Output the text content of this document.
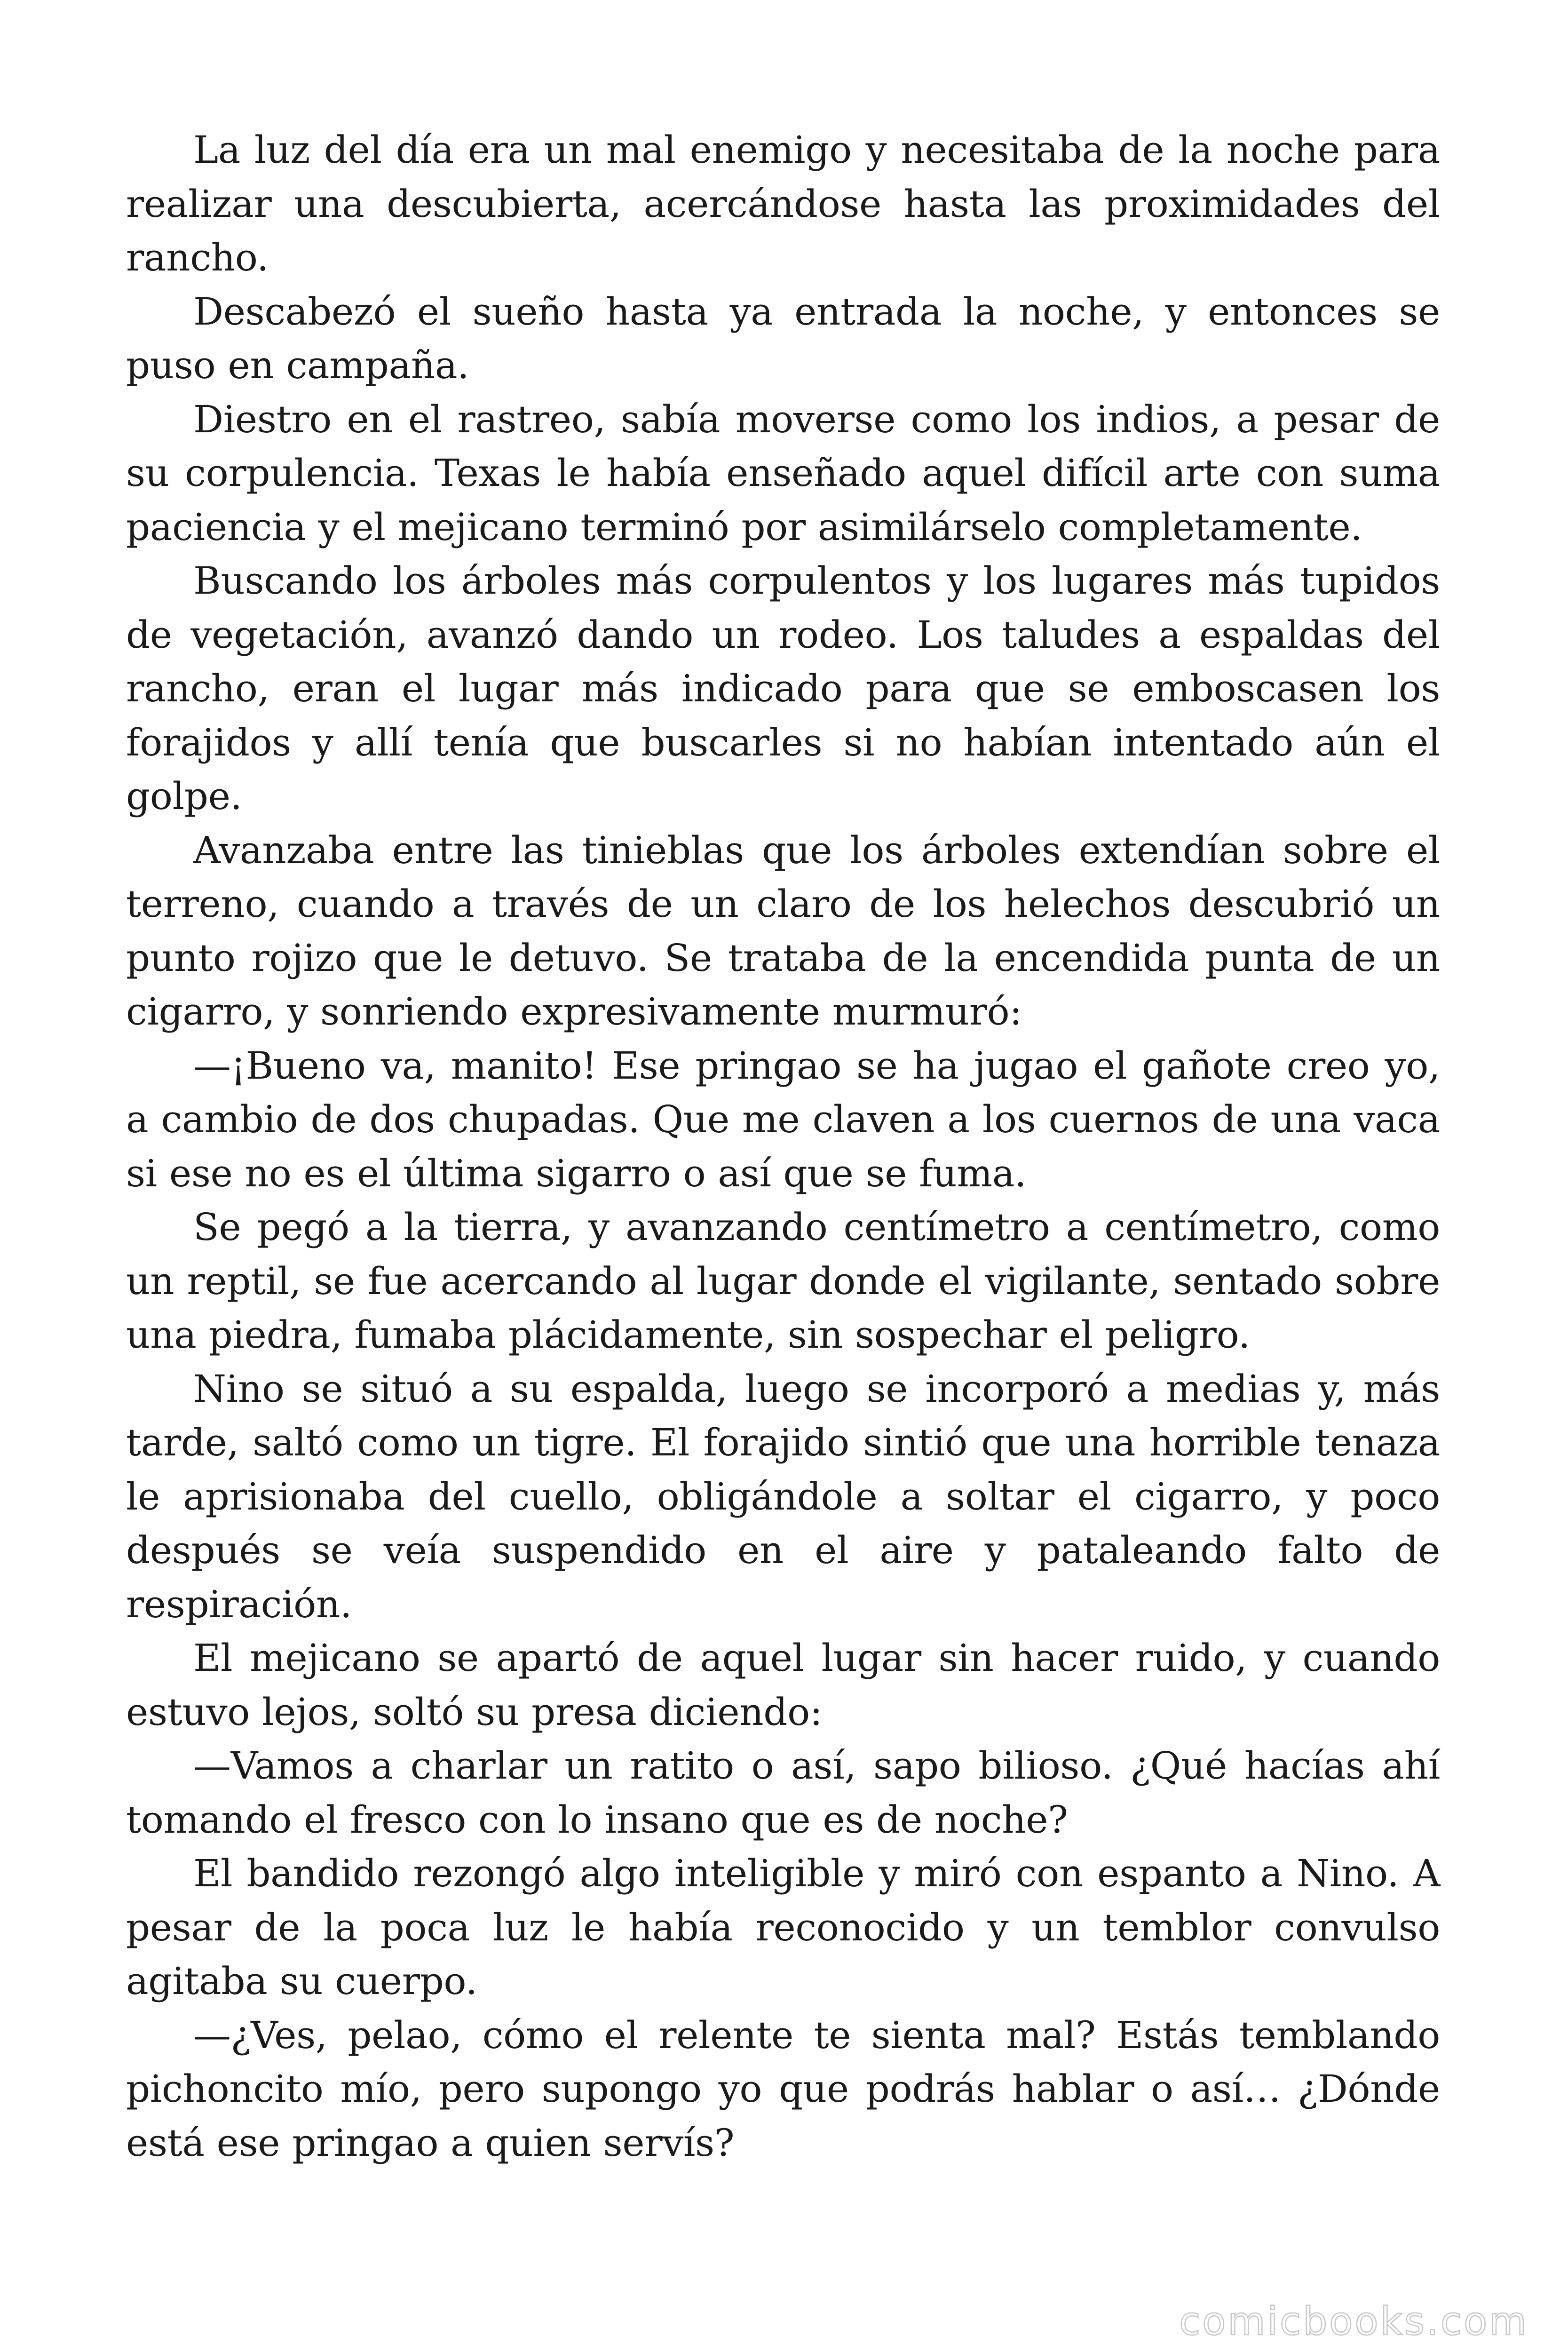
La luz del día era un mal enemigo y necesitaba de la noche para realizar una descubierta, acercándose hasta las proximidades del rancho.

Descabezó el sueño hasta ya entrada la noche, y entonces se puso en campaña.

Diestro en el rastreo, sabía moverse como los indios, a pesar de su corpulencia. Texas le había enseñado aquel difícil arte con suma paciencia y el mejicano terminó por asimilárselo completamente.

Buscando los árboles más corpulentos y los lugares más tupidos de vegetación, avanzó dando un rodeo. Los taludes a espaldas del rancho, eran el lugar más indicado para que se emboscasen los forajidos y allí tenía que buscarles si no habían intentado aún el golpe.

Avanzaba entre las tinieblas que los árboles extendían sobre el terreno, cuando a través de un claro de los helechos descubrió un punto rojizo que le detuvo. Se trataba de la encendida punta de un cigarro, y sonriendo expresivamente murmuró:

—¡Bueno va, manito! Ese pringao se ha jugao el gañote creo yo, a cambio de dos chupadas. Que me claven a los cuernos de una vaca si ese no es el última sigarro o así que se fuma.

Se pegó a la tierra, y avanzando centímetro a centímetro, como un reptil, se fue acercando al lugar donde el vigilante, sentado sobre una piedra, fumaba plácidamente, sin sospechar el peligro.

Nino se situó a su espalda, luego se incorporó a medias y, más tarde, saltó como un tigre. El forajido sintió que una horrible tenaza le aprisionaba del cuello, obligándole a soltar el cigarro, y poco después se veía suspendido en el aire y pataleando falto de respiración.

El mejicano se apartó de aquel lugar sin hacer ruido, y cuando estuvo lejos, soltó su presa diciendo:

—Vamos a charlar un ratito o así, sapo bilioso. ¿Qué hacías ahí tomando el fresco con lo insano que es de noche?

El bandido rezongó algo inteligible y miró con espanto a Nino. A pesar de la poca luz le había reconocido y un temblor convulso agitaba su cuerpo.

—¿Ves, pelao, cómo el relente te sienta mal? Estás temblando pichoncito mío, pero supongo yo que podrás hablar o así… ¿Dónde está ese pringao a quien servís?

comicbooks.com
